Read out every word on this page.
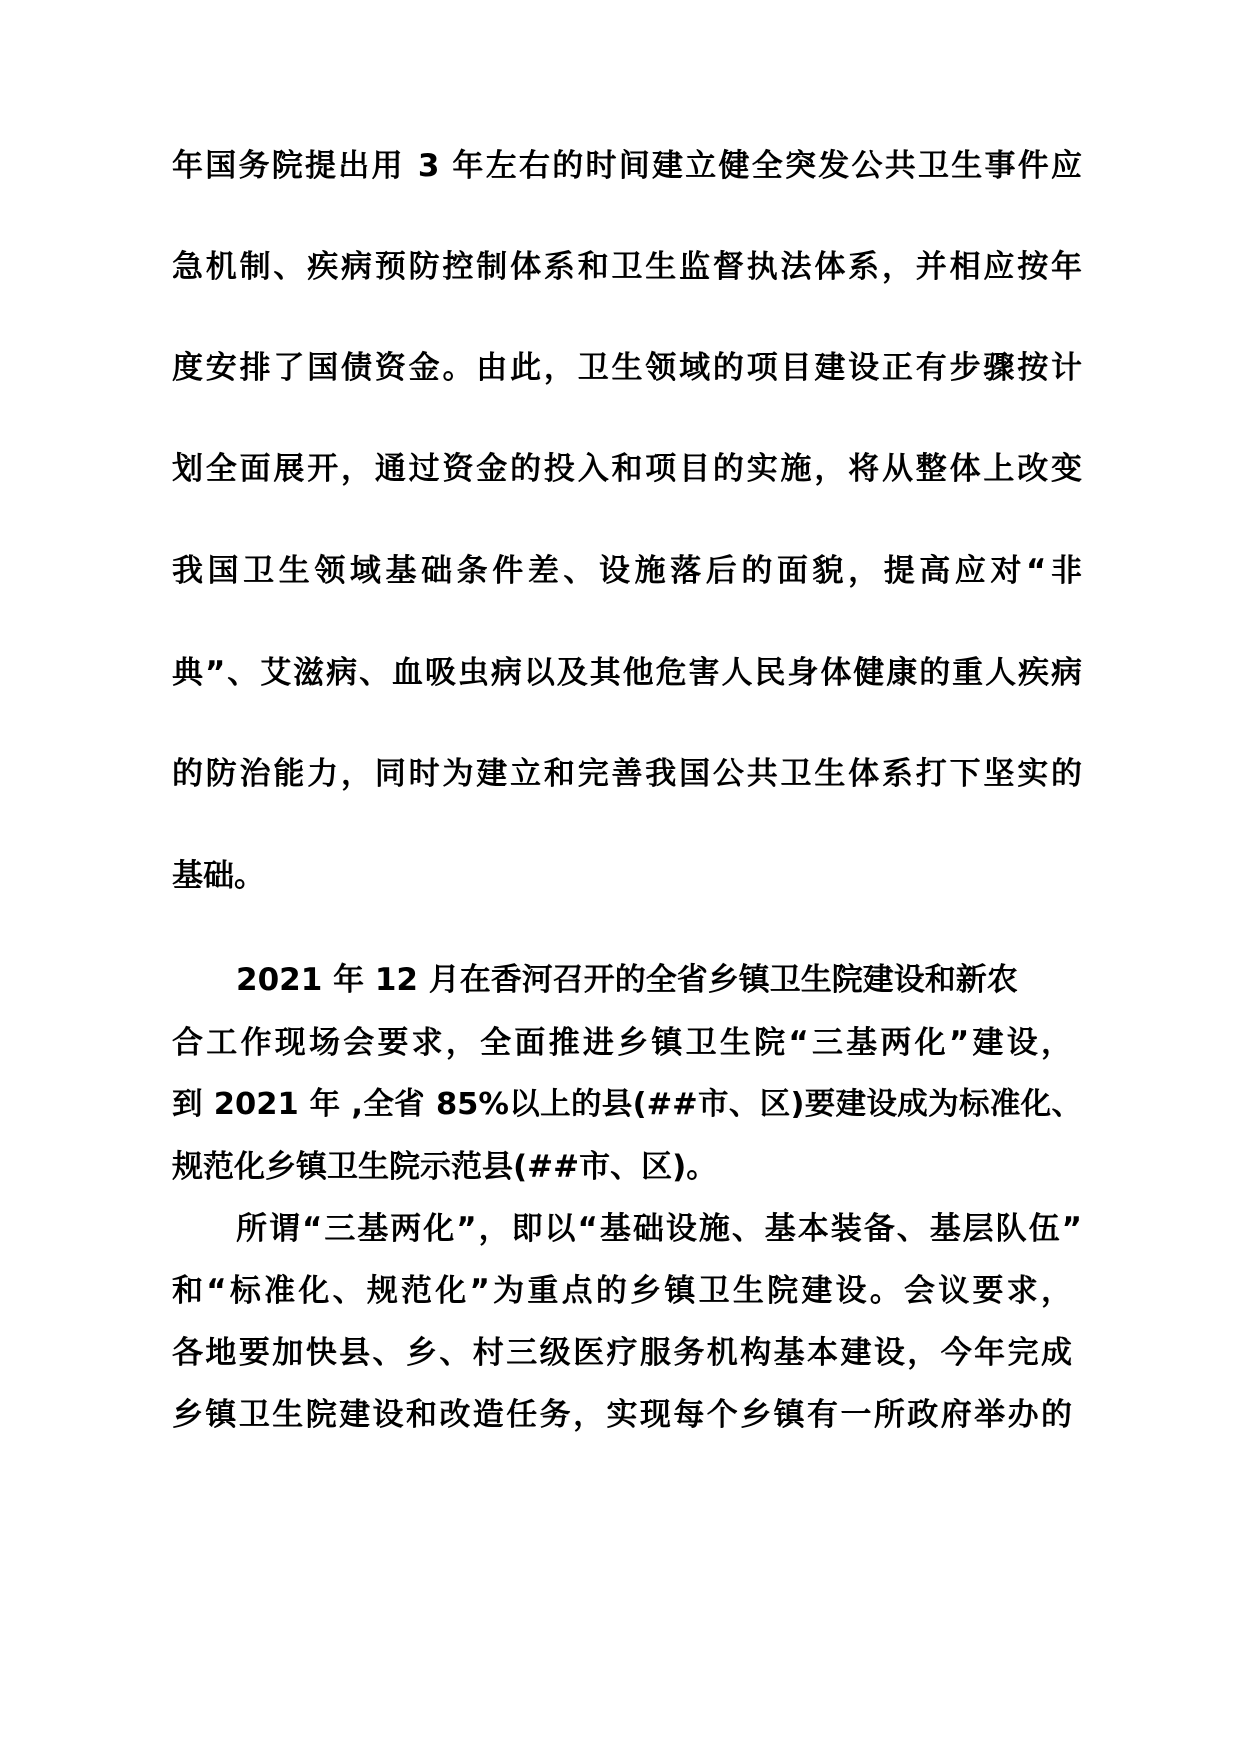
年国务院提出用 3 年左右的时间建立健全突发公共卫生事件应
急机制、疾病预防控制体系和卫生监督执法体系，并相应按年
度安排了国债资金。由此，卫生领域的项目建设正有步骤按计
划全面展开，通过资金的投入和项目的实施，将从整体上改变
我国卫生领域基础条件差、设施落后的面貌，提高应对“非
典”、艾滋病、血吸虫病以及其他危害人民身体健康的重人疾病
的防治能力，同时为建立和完善我国公共卫生体系打下坚实的
基础。
2021 年 12 月在香河召开的全省乡镇卫生院建设和新农
合工作现场会要求，全面推进乡镇卫生院“三基两化”建设，
到 2021 年 ,全省 85%以上的县(##市、区)要建设成为标准化、
规范化乡镇卫生院示范县(##市、区)。
所谓“三基两化”，即以“基础设施、基本装备、基层队伍”
和“标准化、规范化”为重点的乡镇卫生院建设。会议要求，
各地要加快县、乡、村三级医疗服务机构基本建设，今年完成
乡镇卫生院建设和改造任务，实现每个乡镇有一所政府举办的
